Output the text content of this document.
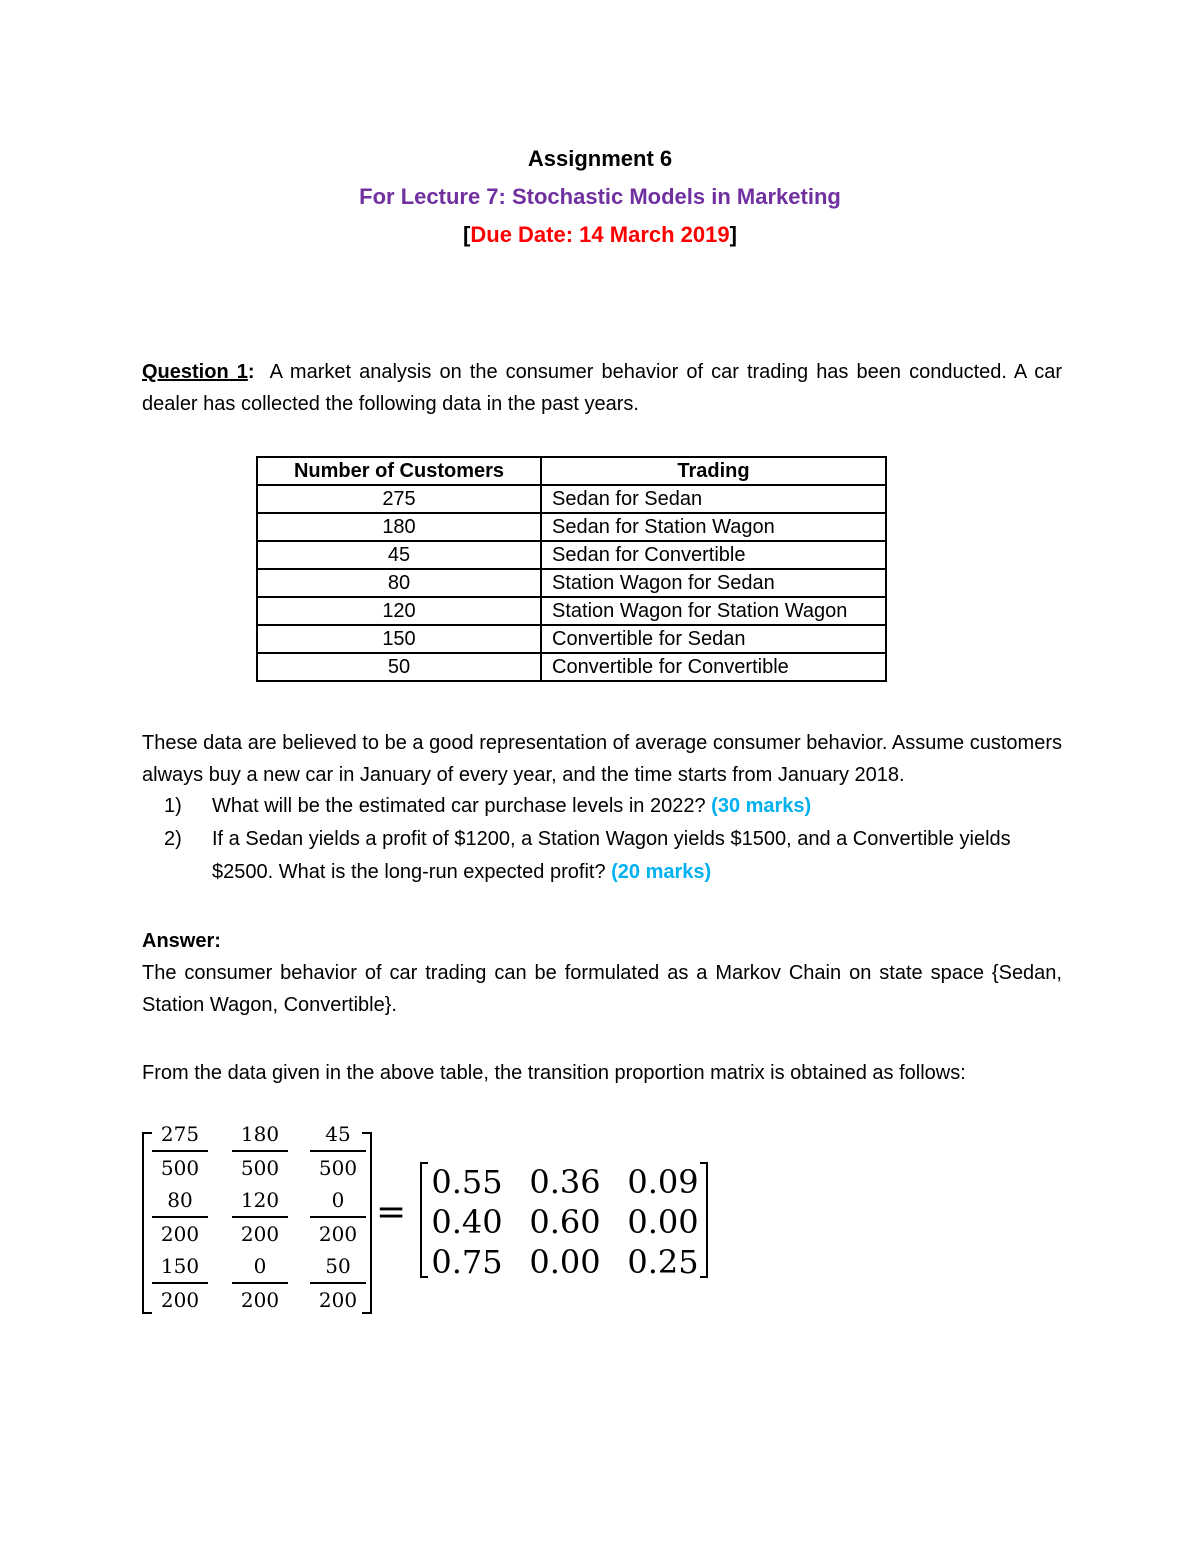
Assignment 6
For Lecture 7: Stochastic Models in Marketing
[Due Date: 14 March 2019]
Question 1: A market analysis on the consumer behavior of car trading has been conducted. A car dealer has collected the following data in the past years.
Number of Customers	Trading
275	Sedan for Sedan
180	Sedan for Station Wagon
45	Sedan for Convertible
80	Station Wagon for Sedan
120	Station Wagon for Station Wagon
150	Convertible for Sedan
50	Convertible for Convertible
These data are believed to be a good representation of average consumer behavior. Assume customers always buy a new car in January of every year, and the time starts from January 2018.
1) What will be the estimated car purchase levels in 2022? (30 marks)
2) If a Sedan yields a profit of $1200, a Station Wagon yields $1500, and a Convertible yields $2500. What is the long-run expected profit? (20 marks)
Answer:
The consumer behavior of car trading can be formulated as a Markov Chain on state space {Sedan, Station Wagon, Convertible}.
From the data given in the above table, the transition proportion matrix is obtained as follows:
$\frac{275}{500} \frac{180}{500} \frac{45}{500}$
$\frac{80}{200} \frac{120}{200} \frac{0}{200}$
$\frac{150}{200} \frac{0}{200} \frac{50}{200}$
=
0.55 0.36 0.09
0.40 0.60 0.00
0.75 0.00 0.25
